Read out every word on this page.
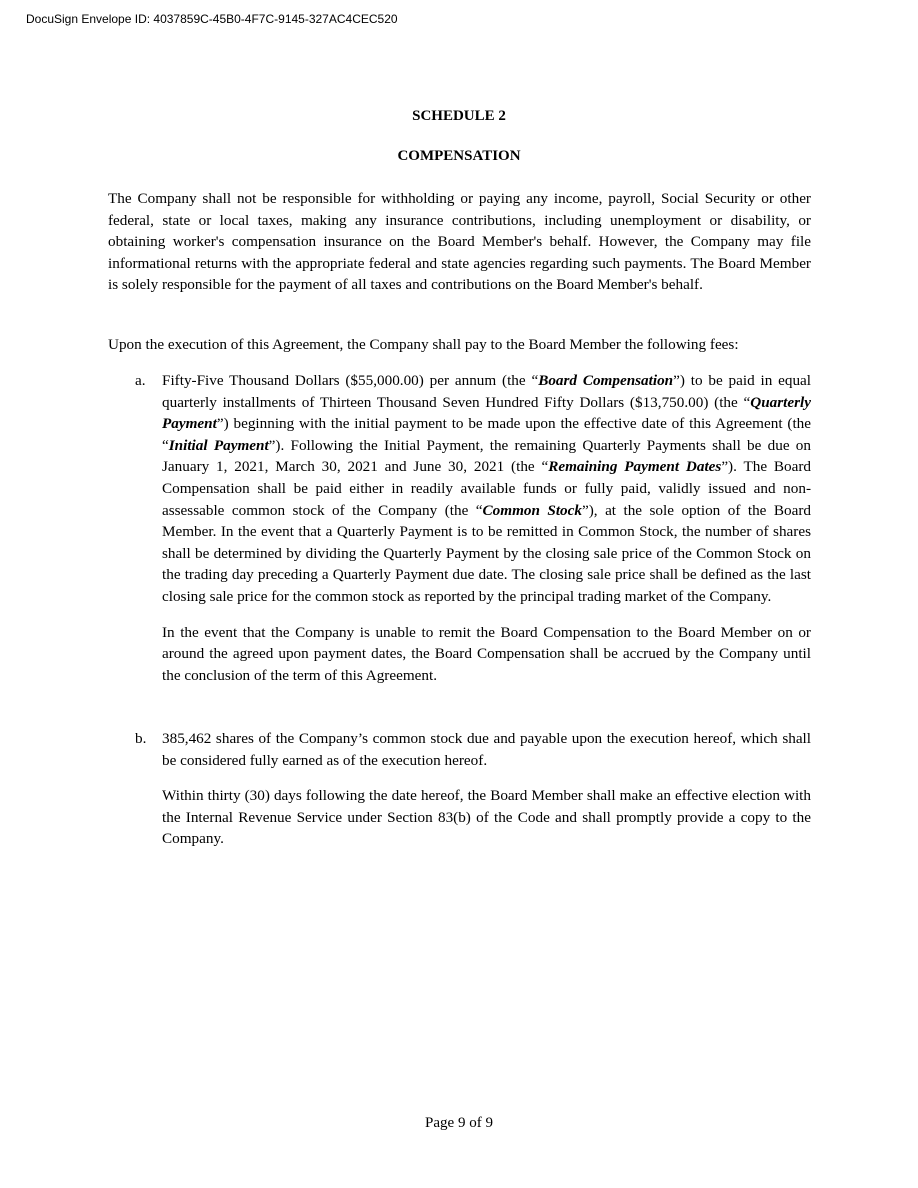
DocuSign Envelope ID: 4037859C-45B0-4F7C-9145-327AC4CEC520
SCHEDULE 2
COMPENSATION

The Company shall not be responsible for withholding or paying any income, payroll, Social Security or other federal, state or local taxes, making any insurance contributions, including unemployment or disability, or obtaining worker's compensation insurance on the Board Member's behalf. However, the Company may file informational returns with the appropriate federal and state agencies regarding such payments. The Board Member is solely responsible for the payment of all taxes and contributions on the Board Member's behalf.

Upon the execution of this Agreement, the Company shall pay to the Board Member the following fees:

a. Fifty-Five Thousand Dollars ($55,000.00) per annum (the “Board Compensation”) to be paid in equal quarterly installments of Thirteen Thousand Seven Hundred Fifty Dollars ($13,750.00) (the “Quarterly Payment”) beginning with the initial payment to be made upon the effective date of this Agreement (the “Initial Payment”). Following the Initial Payment, the remaining Quarterly Payments shall be due on January 1, 2021, March 30, 2021 and June 30, 2021 (the “Remaining Payment Dates”). The Board Compensation shall be paid either in readily available funds or fully paid, validly issued and non-assessable common stock of the Company (the “Common Stock”), at the sole option of the Board Member. In the event that a Quarterly Payment is to be remitted in Common Stock, the number of shares shall be determined by dividing the Quarterly Payment by the closing sale price of the Common Stock on the trading day preceding a Quarterly Payment due date. The closing sale price shall be defined as the last closing sale price for the common stock as reported by the principal trading market of the Company.

In the event that the Company is unable to remit the Board Compensation to the Board Member on or around the agreed upon payment dates, the Board Compensation shall be accrued by the Company until the conclusion of the term of this Agreement.

b. 385,462 shares of the Company’s common stock due and payable upon the execution hereof, which shall be considered fully earned as of the execution hereof.

Within thirty (30) days following the date hereof, the Board Member shall make an effective election with the Internal Revenue Service under Section 83(b) of the Code and shall promptly provide a copy to the Company.

Page 9 of 9
